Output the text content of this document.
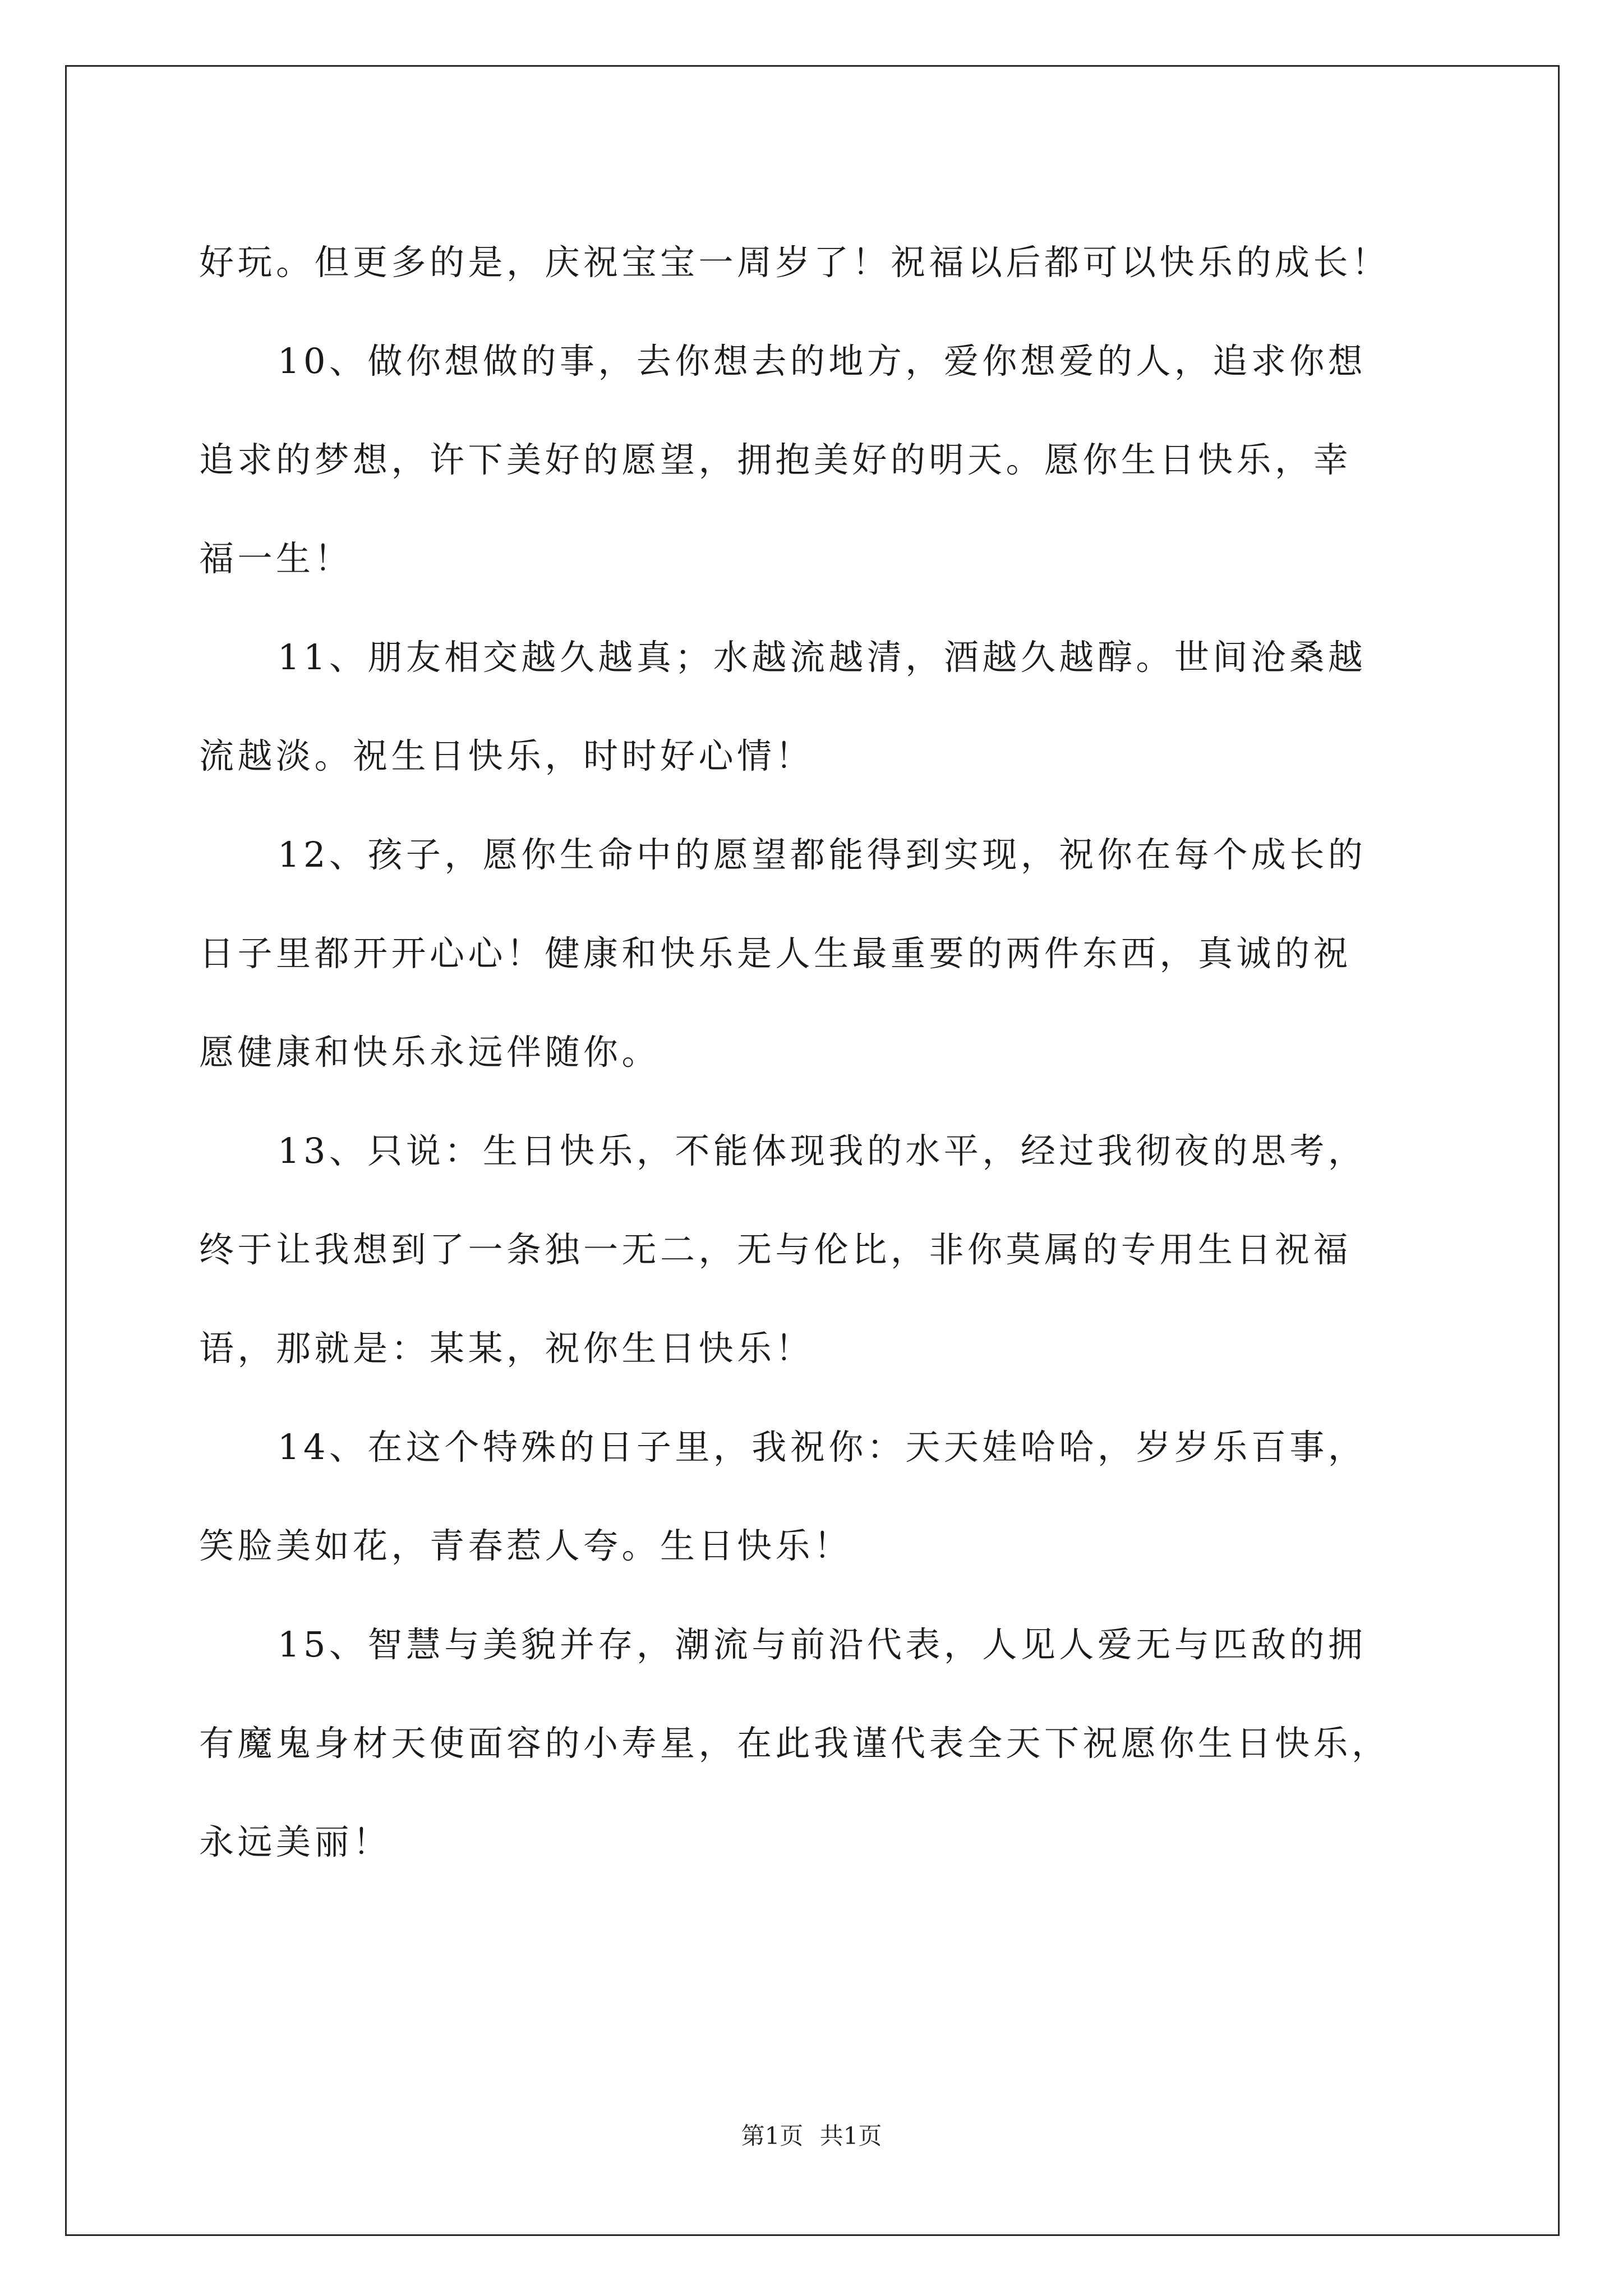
好玩。但更多的是，庆祝宝宝一周岁了！祝福以后都可以快乐的成长！

10、做你想做的事，去你想去的地方，爱你想爱的人，追求你想
追求的梦想，许下美好的愿望，拥抱美好的明天。愿你生日快乐，幸
福一生！

11、朋友相交越久越真；水越流越清，酒越久越醇。世间沧桑越
流越淡。祝生日快乐，时时好心情！

12、孩子，愿你生命中的愿望都能得到实现，祝你在每个成长的
日子里都开开心心！健康和快乐是人生最重要的两件东西，真诚的祝
愿健康和快乐永远伴随你。

13、只说：生日快乐，不能体现我的水平，经过我彻夜的思考，
终于让我想到了一条独一无二，无与伦比，非你莫属的专用生日祝福
语，那就是：某某，祝你生日快乐！

14、在这个特殊的日子里，我祝你：天天娃哈哈，岁岁乐百事，
笑脸美如花，青春惹人夸。生日快乐！

15、智慧与美貌并存，潮流与前沿代表，人见人爱无与匹敌的拥
有魔鬼身材天使面容的小寿星，在此我谨代表全天下祝愿你生日快乐，
永远美丽！

第1页 共1页
